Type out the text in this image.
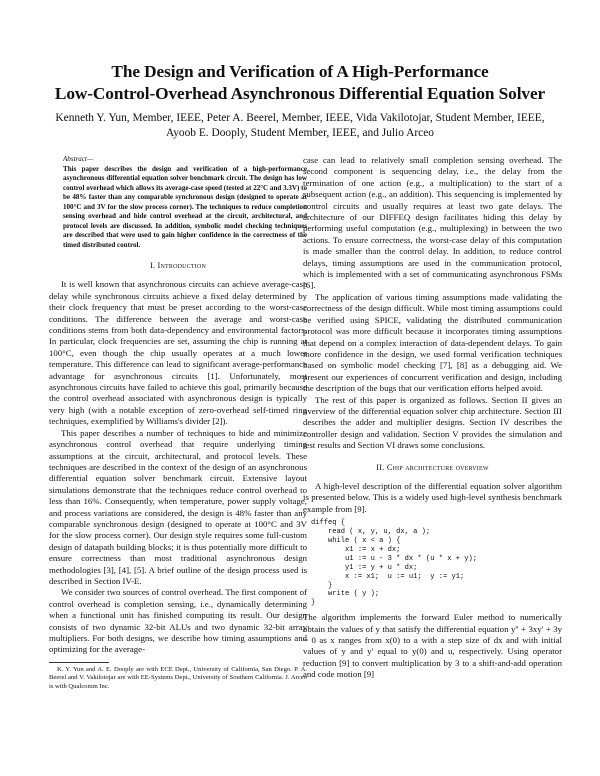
The Design and Verification of A High-Performance
Low-Control-Overhead Asynchronous Differential Equation Solver
Kenneth Y. Yun, Member, IEEE, Peter A. Beerel, Member, IEEE, Vida Vakilotojar, Student Member, IEEE,
Ayoob E. Dooply, Student Member, IEEE, and Julio Arceo

Abstract—
This paper describes the design and verification of a high-performance asynchronous differential equation solver benchmark circuit. The design has low control overhead which allows its average-case speed (tested at 22°C and 3.3V) to be 48% faster than any comparable synchronous design (designed to operate at 100°C and 3V for the slow process corner). The techniques to reduce completion sensing overhead and hide control overhead at the circuit, architectural, and protocol levels are discussed. In addition, symbolic model checking techniques are described that were used to gain higher confidence in the correctness of the timed distributed control.

I. Introduction

It is well known that asynchronous circuits can achieve average-case delay while synchronous circuits achieve a fixed delay determined by their clock frequency that must be preset according to the worst-case conditions. The difference between the average and worst-case conditions stems from both data-dependency and environmental factors. In particular, clock frequencies are set, assuming the chip is running at 100°C, even though the chip usually operates at a much lower temperature. This difference can lead to significant average-performance advantage for asynchronous circuits [1]. Unfortunately, most asynchronous circuits have failed to achieve this goal, primarily because the control overhead associated with asynchronous design is typically very high (with a notable exception of zero-overhead self-timed ring techniques, exemplified by Williams's divider [2]).

This paper describes a number of techniques to hide and minimize asynchronous control overhead that require underlying timing assumptions at the circuit, architectural, and protocol levels. These techniques are described in the context of the design of an asynchronous differential equation solver benchmark circuit. Extensive layout simulations demonstrate that the techniques reduce control overhead to less than 16%. Consequently, when temperature, power supply voltage, and process variations are considered, the design is 48% faster than any comparable synchronous design (designed to operate at 100°C and 3V for the slow process corner). Our design style requires some full-custom design of datapath building blocks; it is thus potentially more difficult to ensure correctness than most traditional asynchronous design methodologies [3], [4], [5]. A brief outline of the design process used is described in Section IV-E.

We consider two sources of control overhead. The first component of control overhead is completion sensing, i.e., dynamically determining when a functional unit has finished computing its result. Our design consists of two dynamic 32-bit ALUs and two dynamic 32-bit array multipliers. For both designs, we describe how timing assumptions and optimizing for the average-

K. Y. Yun and A. E. Dooply are with ECE Dept., University of California, San Diego. P. A. Beerel and V. Vakilotojar are with EE-Systems Dept., University of Southern California. J. Arceo is with Qualcomm Inc.

case can lead to relatively small completion sensing overhead. The second component is sequencing delay, i.e., the delay from the termination of one action (e.g., a multiplication) to the start of a subsequent action (e.g., an addition). This sequencing is implemented by control circuits and usually requires at least two gate delays. The architecture of our DIFFEQ design facilitates hiding this delay by performing useful computation (e.g., multiplexing) in between the two actions. To ensure correctness, the worst-case delay of this computation is made smaller than the control delay. In addition, to reduce control delays, timing assumptions are used in the communication protocol, which is implemented with a set of communicating asynchronous FSMs [6].

The application of various timing assumptions made validating the correctness of the design difficult. While most timing assumptions could be verified using SPICE, validating the distributed communication protocol was more difficult because it incorporates timing assumptions that depend on a complex interaction of data-dependent delays. To gain more confidence in the design, we used formal verification techniques based on symbolic model checking [7], [8] as a debugging aid. We present our experiences of concurrent verification and design, including the description of the bugs that our verification efforts helped avoid.

The rest of this paper is organized as follows. Section II gives an overview of the differential equation solver chip architecture. Section III describes the adder and multiplier designs. Section IV describes the controller design and validation. Section V provides the simulation and test results and Section VI draws some conclusions.

II. Chip architecture overview

A high-level description of the differential equation solver algorithm is presented below. This is a widely used high-level synthesis benchmark example from [9].

diffeq {
read ( x, y, u, dx, a );
while ( x < a ) {
x1 := x + dx;
u1 := u - 3 * dx * (u * x + y);
y1 := y + u * dx;
x := x1;  u := u1;  y := y1;
}
write ( y );
}

The algorithm implements the forward Euler method to numerically obtain the values of y that satisfy the differential equation y'' + 3xy' + 3y = 0 as x ranges from x(0) to a with a step size of dx and with initial values of y and y' equal to y(0) and u, respectively. Using operator reduction [9] to convert multiplication by 3 to a shift-and-add operation and code motion [9]
